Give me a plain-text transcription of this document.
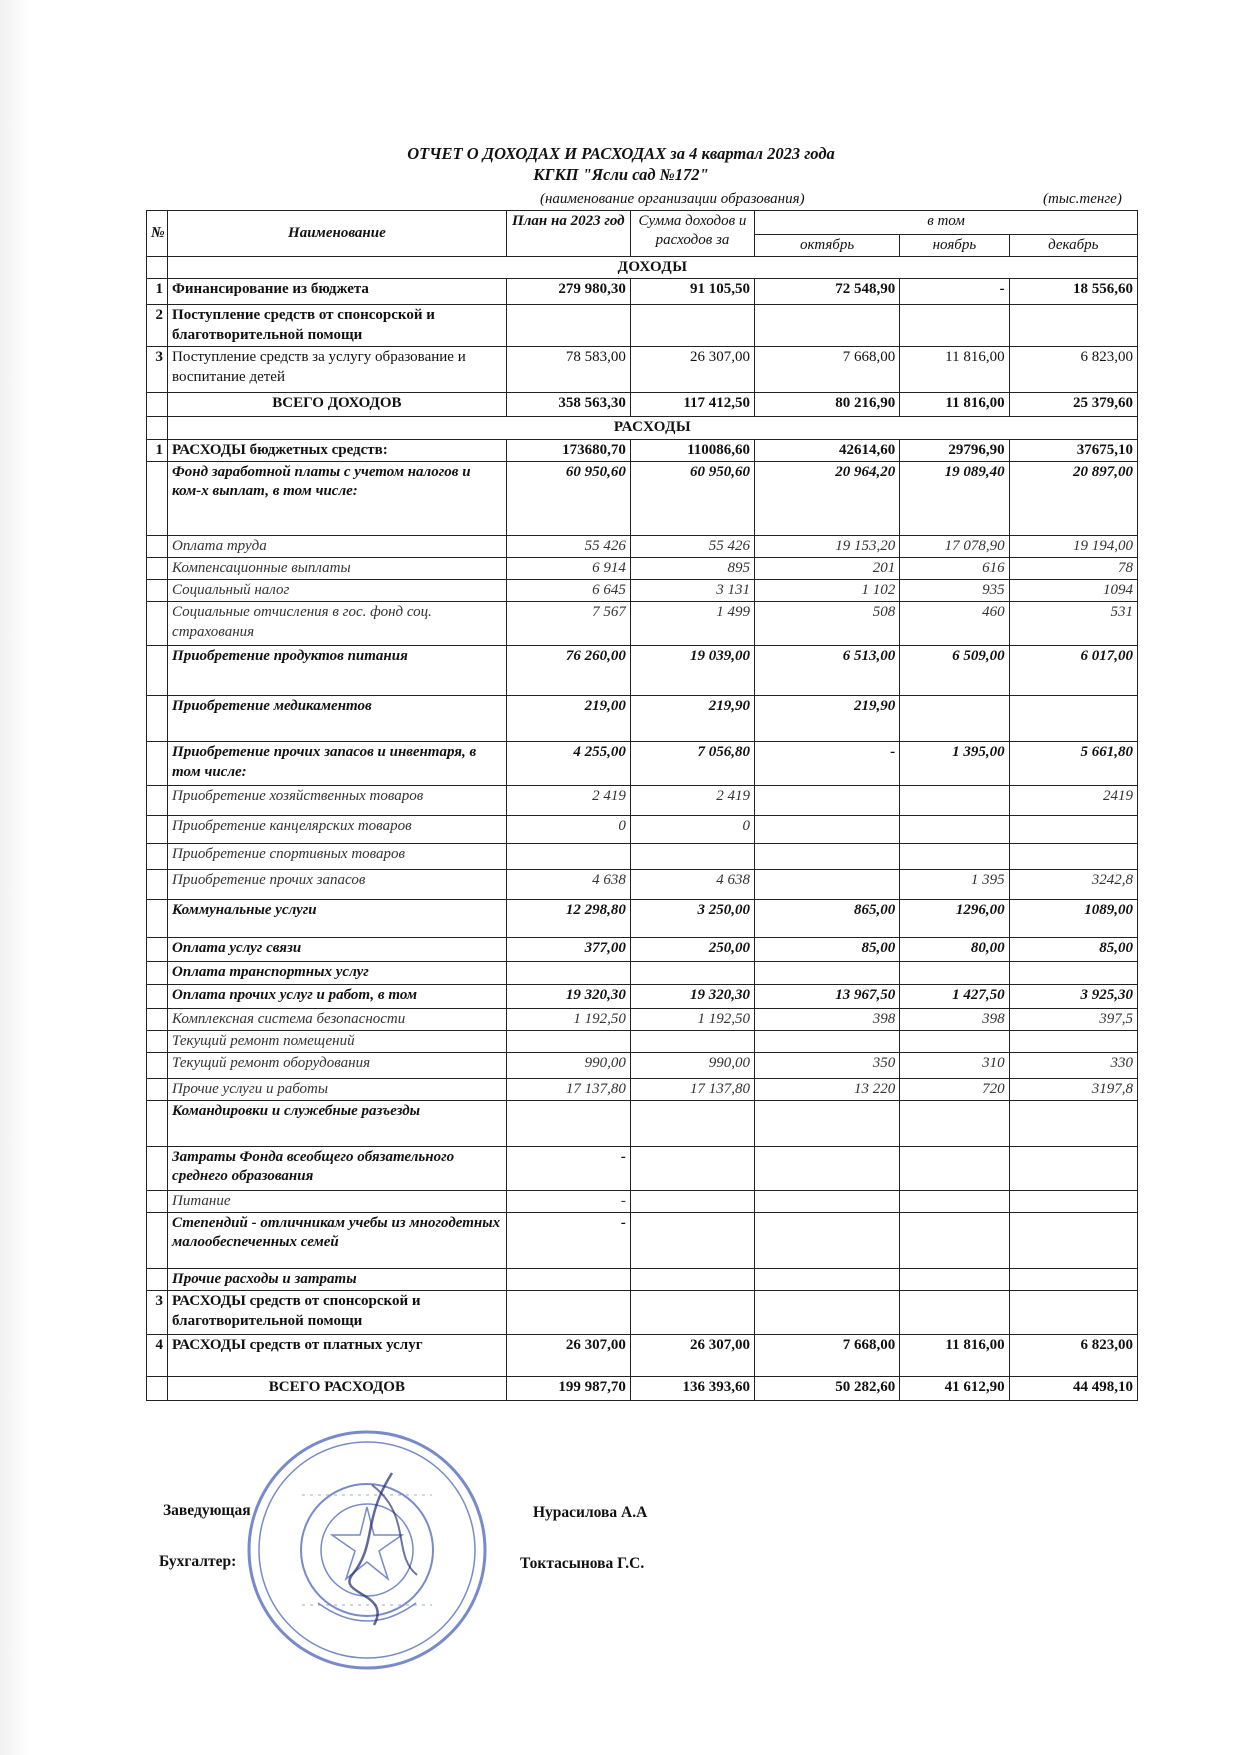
ОТЧЕТ О ДОХОДАХ И РАСХОДАХ за 4 квартал 2023 года
КГКП "Ясли сад №172"
(наименование организации образования)	(тыс.тенге)
№	Наименование	План на 2023 год	Сумма доходов и расходов за	в том		
				октябрь	ноябрь	декабрь
	ДОХОДЫ					
1	Финансирование из бюджета	279 980,30	91 105,50	72 548,90	-	18 556,60
2	Поступление средств от спонсорской и благотворительной помощи					
3	Поступление средств за услугу образование и воспитание детей	78 583,00	26 307,00	7 668,00	11 816,00	6 823,00
	ВСЕГО ДОХОДОВ	358 563,30	117 412,50	80 216,90	11 816,00	25 379,60
	РАСХОДЫ					
1	РАСХОДЫ бюджетных средств:	173680,70	110086,60	42614,60	29796,90	37675,10
	Фонд заработной платы с учетом налогов и ком-х выплат, в том числе:	60 950,60	60 950,60	20 964,20	19 089,40	20 897,00
	Оплата труда	55 426	55 426	19 153,20	17 078,90	19 194,00
	Компенсационные выплаты	6 914	895	201	616	78
	Социальный налог	6 645	3 131	1 102	935	1094
	Социальные отчисления в гос. фонд соц. страхования	7 567	1 499	508	460	531
	Приобретение продуктов питания	76 260,00	19 039,00	6 513,00	6 509,00	6 017,00
	Приобретение медикаментов	219,00	219,90	219,90		
	Приобретение прочих запасов и инвентаря, в том числе:	4 255,00	7 056,80	-	1 395,00	5 661,80
	Приобретение хозяйственных товаров	2 419	2 419			2419
	Приобретение канцелярских товаров	0	0			
	Приобретение спортивных товаров					
	Приобретение прочих запасов	4 638	4 638		1 395	3242,8
	Коммунальные услуги	12 298,80	3 250,00	865,00	1296,00	1089,00
	Оплата услуг связи	377,00	250,00	85,00	80,00	85,00
	Оплата транспортных услуг					
	Оплата прочих услуг и работ, в том	19 320,30	19 320,30	13 967,50	1 427,50	3 925,30
	Комплексная система безопасности	1 192,50	1 192,50	398	398	397,5
	Текущий ремонт помещений					
	Текущий ремонт оборудования	990,00	990,00	350	310	330
	Прочие услуги и работы	17 137,80	17 137,80	13 220	720	3197,8
	Командировки и служебные разъезды					
	Затраты Фонда всеобщего обязательного среднего образования	-				
	Питание	-				
	Степендий - отличникам учебы из многодетных малообеспеченных семей	-				
	Прочие расходы и затраты					
3	РАСХОДЫ средств от спонсорской и благотворительной помощи					
4	РАСХОДЫ средств от платных услуг	26 307,00	26 307,00	7 668,00	11 816,00	6 823,00
	ВСЕГО РАСХОДОВ	199 987,70	136 393,60	50 282,60	41 612,90	44 498,10
Заведующая	Нурасилова А.А
Бухгалтер:	Токтасынова Г.С.
